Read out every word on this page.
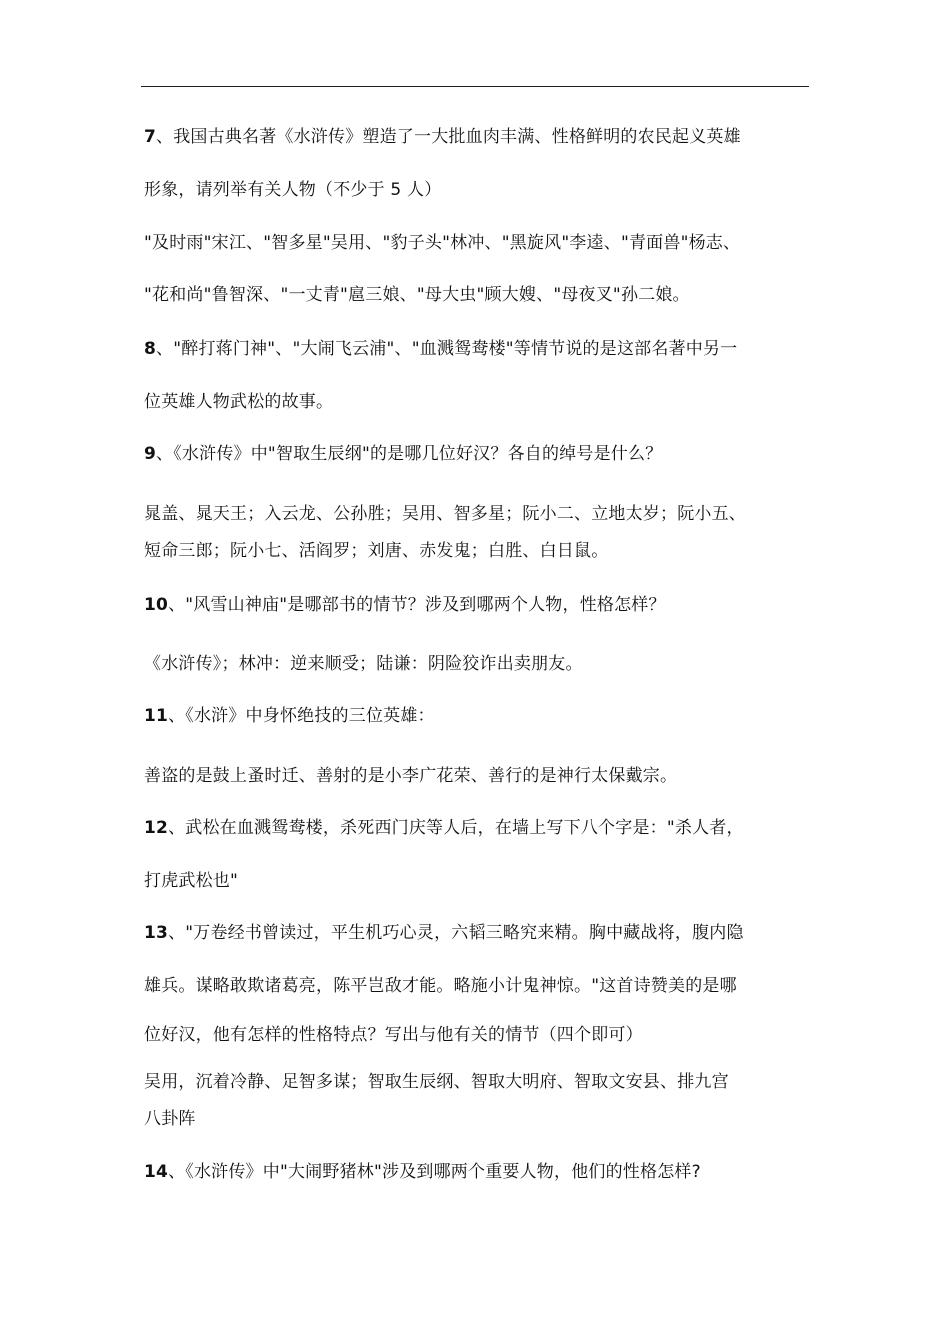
7、我国古典名著《水浒传》塑造了一大批血肉丰满、性格鲜明的农民起义英雄
形象，请列举有关人物（不少于 5 人）
"及时雨"宋江、"智多星"吴用、"豹子头"林冲、"黑旋风"李逵、"青面兽"杨志、
"花和尚"鲁智深、"一丈青"扈三娘、"母大虫"顾大嫂、"母夜叉"孙二娘。
8、"醉打蒋门神"、"大闹飞云浦"、"血溅鸳鸯楼"等情节说的是这部名著中另一
位英雄人物武松的故事。
9、《水浒传》中"智取生辰纲"的是哪几位好汉？各自的绰号是什么？
晁盖、晁天王；入云龙、公孙胜；吴用、智多星；阮小二、立地太岁；阮小五、
短命三郎；阮小七、活阎罗；刘唐、赤发鬼；白胜、白日鼠。
10、"风雪山神庙"是哪部书的情节？涉及到哪两个人物，性格怎样？
《水浒传》；林冲：逆来顺受；陆谦：阴险狡诈出卖朋友。
11、《水浒》中身怀绝技的三位英雄：
善盗的是鼓上蚤时迁、善射的是小李广花荣、善行的是神行太保戴宗。
12、武松在血溅鸳鸯楼，杀死西门庆等人后，在墙上写下八个字是："杀人者，
打虎武松也"
13、"万卷经书曾读过，平生机巧心灵，六韬三略究来精。胸中藏战将，腹内隐
雄兵。谋略敢欺诸葛亮，陈平岂敌才能。略施小计鬼神惊。"这首诗赞美的是哪
位好汉，他有怎样的性格特点？写出与他有关的情节（四个即可）
吴用，沉着冷静、足智多谋；智取生辰纲、智取大明府、智取文安县、排九宫
八卦阵
14、《水浒传》中"大闹野猪林"涉及到哪两个重要人物，他们的性格怎样?
